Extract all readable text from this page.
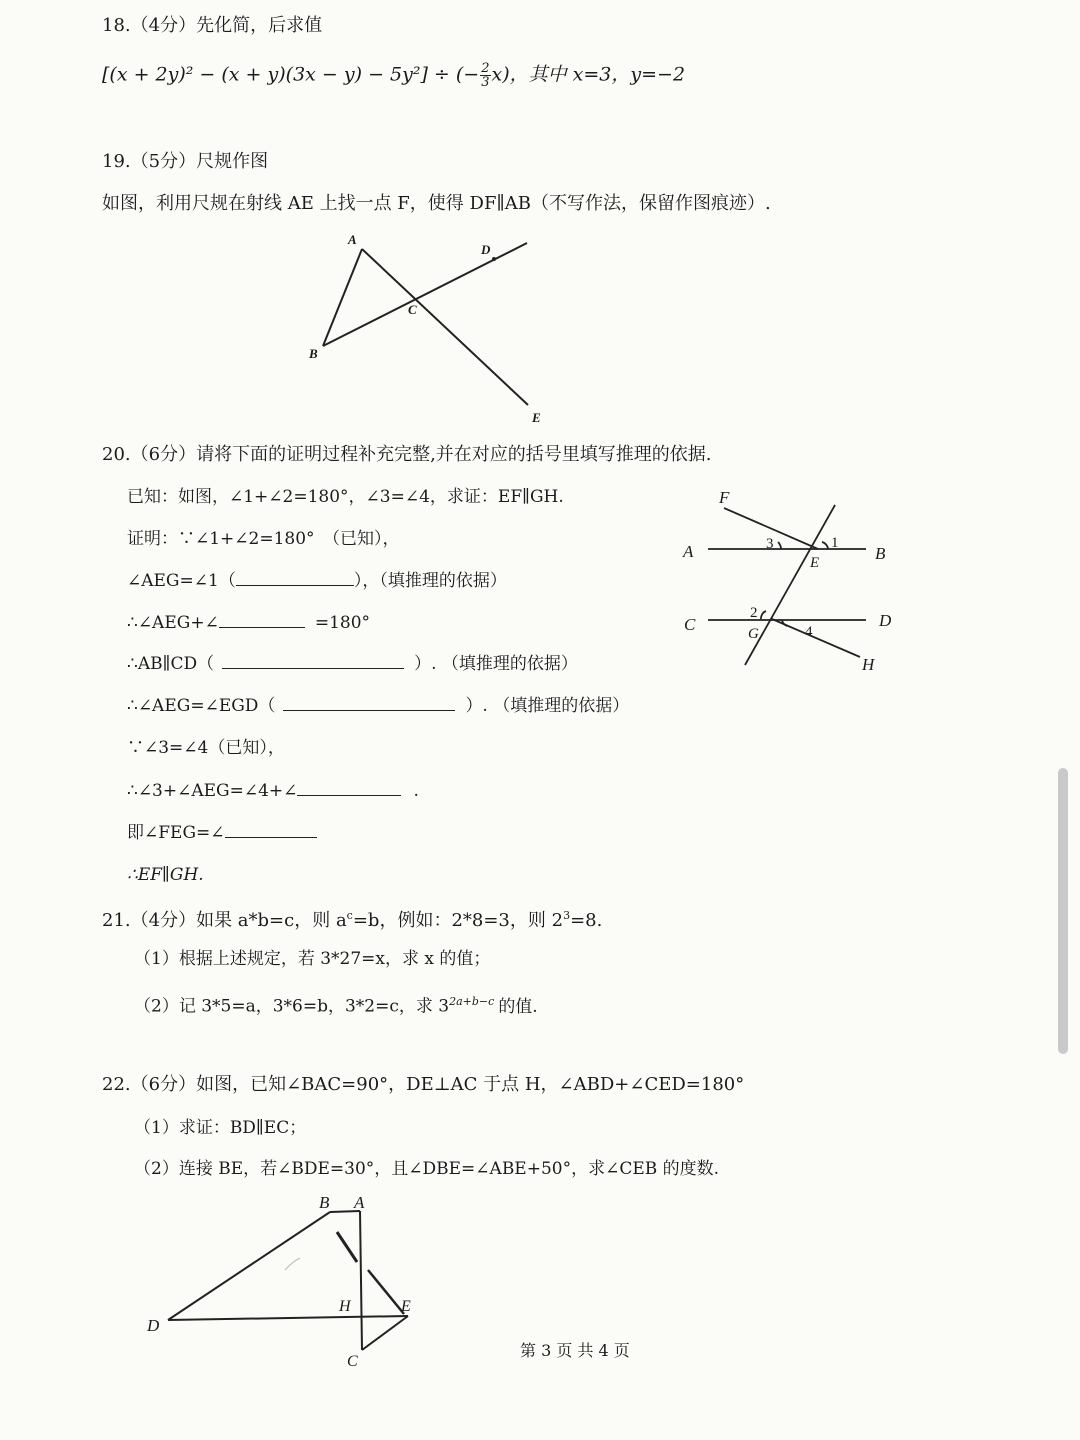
18.（4分）先化简，后求值
[(x + 2y)² − (x + y)(3x − y) − 5y²] ÷ (− $\frac{2}{3} x$)，其中 x=3，y=−2
19.（5分）尺规作图
如图，利用尺规在射线 AE 上找一点 F，使得 DF∥AB（不写作法，保留作图痕迹）.
A
B
C
D
E
F
A	B
E
C	D
G
H
1
2
3
4
B A
H	E
D
C
20.（6分）请将下面的证明过程补充完整,并在对应的括号里填写推理的依据.
已知：如图，∠1+∠2=180°，∠3=∠4，求证：EF∥GH.
证明：∵∠1+∠2=180°　（已知），
∠AEG=∠1（	），（填推理的依据）
∴∠AEG+∠	=180°
∴AB∥CD（	）. （填推理的依据）
∴∠AEG=∠EGD（	）. （填推理的依据）
∵∠3=∠4（已知），
∴∠3+∠AEG=∠4+∠	.
即∠FEG=∠
∴EF∥GH.
21.（4分）如果 a*b=c，则 $a^c=b$，例如：2*8=3，则 $2^3=8$.
（1）根据上述规定，若 3*27=x，求 x 的值；
（2）记 3*5=a，3*6=b，3*2=c，求 $3^{2a+b-c}$ 的值.
22.（6分）如图，已知∠BAC=90°，DE⊥AC 于点 H，∠ABD+∠CED=180°
（1）求证：BD∥EC；
（2）连接 BE，若∠BDE=30°，且∠DBE=∠ABE+50°，求∠CEB 的度数.
第 3 页 共 4 页
